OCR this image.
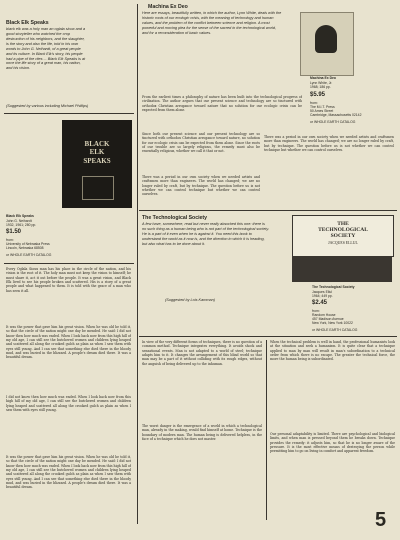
Black Elk Speaks
black elk was a holy man an oglala sioux and a good storyteller who watched the crop destruction of his neighbors, and the slaughter, is the story and also the life, told in his own words to John G. Neihardt, of a great people and its culture. In Black Elk's story, his people had a pipe of the rites ... Black Elk Speaks is at once the life story of a great man, his nation, and his vision.
(Suggested by various including Michael Phillips)
BLACK
ELK
SPEAKS
Black Elk Speaks
John G. Neihardt
1932, 1961; 280 pp.
$1.50
from:
University of Nebraska Press
Lincoln, Nebraska 68508
or WHOLE EARTH CATALOG
Every Oglala Sioux man has his place in the circle of the nation, and his vision is the root of it. The holy man must not keep the vision to himself; he must share it, act it out before the people. It was a great vision, and Black Elk lived to see his people broken and scattered. His is a story of a great people and what happened to them. It is told with the grace of a man who has seen it all.
It was the power that gave him his great vision. When he was old he told it, so that the circle of the nation might one day be mended. He said: I did not know then how much was ended. When I look back now from this high hill of my old age, I can still see the butchered women and children lying heaped and scattered all along the crooked gulch as plain as when I saw them with eyes still young. And I can see that something else died there in the bloody mud, and was buried in the blizzard. A people's dream died there. It was a beautiful dream.
I did not know then how much was ended. When I look back now from this high hill of my old age, I can still see the butchered women and children lying heaped and scattered all along the crooked gulch as plain as when I saw them with eyes still young.
It was the power that gave him his great vision. When he was old he told it, so that the circle of the nation might one day be mended. He said: I did not know then how much was ended. When I look back now from this high hill of my old age, I can still see the butchered women and children lying heaped and scattered all along the crooked gulch as plain as when I saw them with eyes still young. And I can see that something else died there in the bloody mud, and was buried in the blizzard. A people's dream died there. It was a beautiful dream.
Machina Ex Deo
Here are essays, beautifully written, in which the author, Lynn White, deals with the historic roots of our ecologic crisis, with the meaning of technology and human values, and the problem of the conflict between science and religion. A most powerful and moving plea for the sense of the sacred in the technological world, and for a reconsideration of basic values.
Machina Ex Deo
Lynn White, Jr.
1968; 186 pp.
$5.95
from:
The M.I.T. Press
50 Ames Street
Cambridge, Massachusetts 02142
or WHOLE EARTH CATALOG
From the earliest times a philosophy of nature has been built into the technological progress of civilization. The author argues that our present science and technology are so tinctured with orthodox Christian arrogance toward nature that no solution for our ecologic crisis can be expected from them alone.
Since both our present science and our present technology are so tinctured with orthodox Christian arrogance toward nature, no solution for our ecologic crisis can be expected from them alone. Since the roots of our trouble are so largely religious, the remedy must also be essentially religious, whether we call it that or not.
There was a period in our own society when we needed artists and craftsmen more than engineers. The world has changed; we are no longer ruled by craft, but by technique. The question before us is not whether we can control technique but whether we can control ourselves.
There was a period in our own society when we needed artists and craftsmen more than engineers. The world has changed; we are no longer ruled by craft, but by technique. The question before us is not whether we can control technique but whether we can control ourselves.
The Technological Society
A few have, somewhere, read but never really absorbed this one: there is no such thing as a human being who is not part of the technological society. He is a part of it even when he is against it. You need this book to understand the world as it now is, and the direction in which it is heading, but also what has to be done about it.
(Suggested by Lois Kamman)
THE
TECHNOLOGICAL
SOCIETY
JACQUES ELLUL
The Technological Society
Jacques Ellul
1964; 449 pp.
$2.45
from:
Random House
457 Madison Avenue
New York, New York 10022
or WHOLE EARTH CATALOG
In view of the very different forms of techniques, there is no question of a common method. Technique integrates everything. It avoids shock and sensational events. Man is not adapted to a world of steel; technique adapts him to it. It changes the arrangement of this blind world so that man may be a part of it without colliding with its rough edges, without the anguish of being delivered up to the inhuman.
The worst danger is the emergence of a world in which a technological man, already in the making, would find himself at home. Technique is the boundary of modern man. The human being is delivered helpless, in the face of a technique which he does not master.
When the technical problem is well in hand, the professional humanists look at the situation and seek a humanism. It is quite clear that a technique applied to man by man will result in man's subordination to a technical order from which there is no escape. The greater the technical force, the more the human being is subordinated.
Our personal adaptability is limited. There are psychological and biological limits, and when man is pressed beyond them he breaks down. Technique provides the remedy: it adjusts him, so that he is no longer aware of the pressure. It is the most effective means of destroying the person while permitting him to go on living in comfort and apparent freedom.
5
